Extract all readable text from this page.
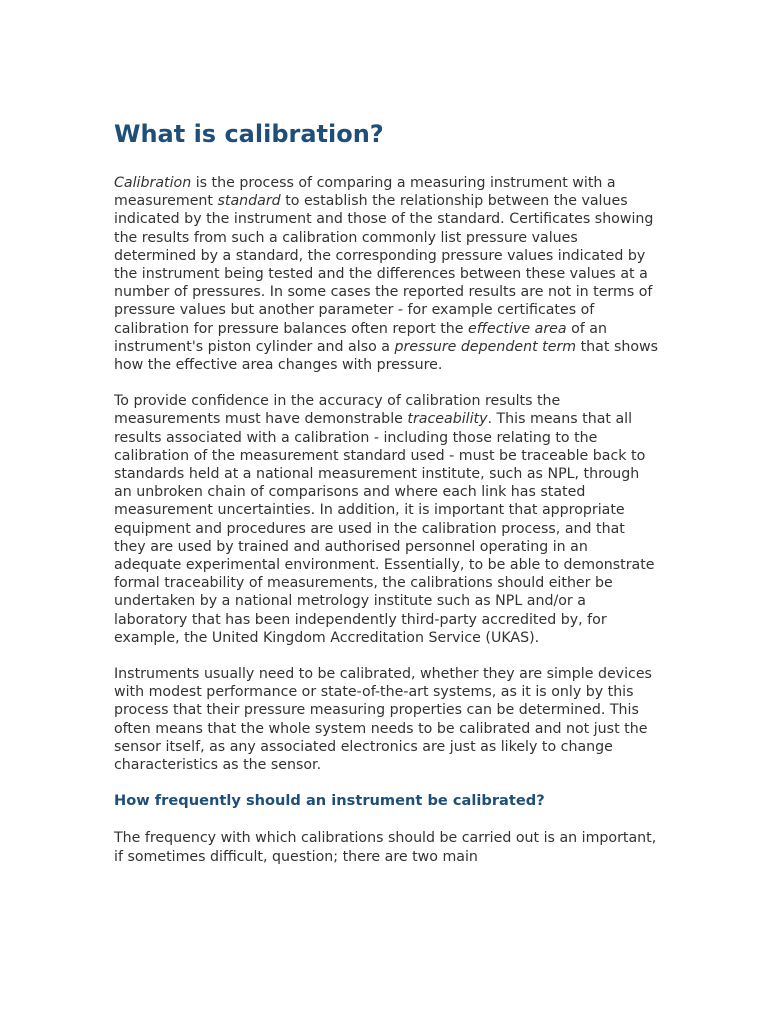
What is calibration?

Calibration is the process of comparing a measuring instrument with a measurement standard to establish the relationship between the values indicated by the instrument and those of the standard. Certificates showing the results from such a calibration commonly list pressure values determined by a standard, the corresponding pressure values indicated by the instrument being tested and the differences between these values at a number of pressures. In some cases the reported results are not in terms of pressure values but another parameter - for example certificates of calibration for pressure balances often report the effective area of an instrument's piston cylinder and also a pressure dependent term that shows how the effective area changes with pressure.

To provide confidence in the accuracy of calibration results the measurements must have demonstrable traceability. This means that all results associated with a calibration - including those relating to the calibration of the measurement standard used - must be traceable back to standards held at a national measurement institute, such as NPL, through an unbroken chain of comparisons and where each link has stated measurement uncertainties. In addition, it is important that appropriate equipment and procedures are used in the calibration process, and that they are used by trained and authorised personnel operating in an adequate experimental environment. Essentially, to be able to demonstrate formal traceability of measurements, the calibrations should either be undertaken by a national metrology institute such as NPL and/or a laboratory that has been independently third-party accredited by, for example, the United Kingdom Accreditation Service (UKAS).

Instruments usually need to be calibrated, whether they are simple devices with modest performance or state-of-the-art systems, as it is only by this process that their pressure measuring properties can be determined. This often means that the whole system needs to be calibrated and not just the sensor itself, as any associated electronics are just as likely to change characteristics as the sensor.

How frequently should an instrument be calibrated?

The frequency with which calibrations should be carried out is an important, if sometimes difficult, question; there are two main
